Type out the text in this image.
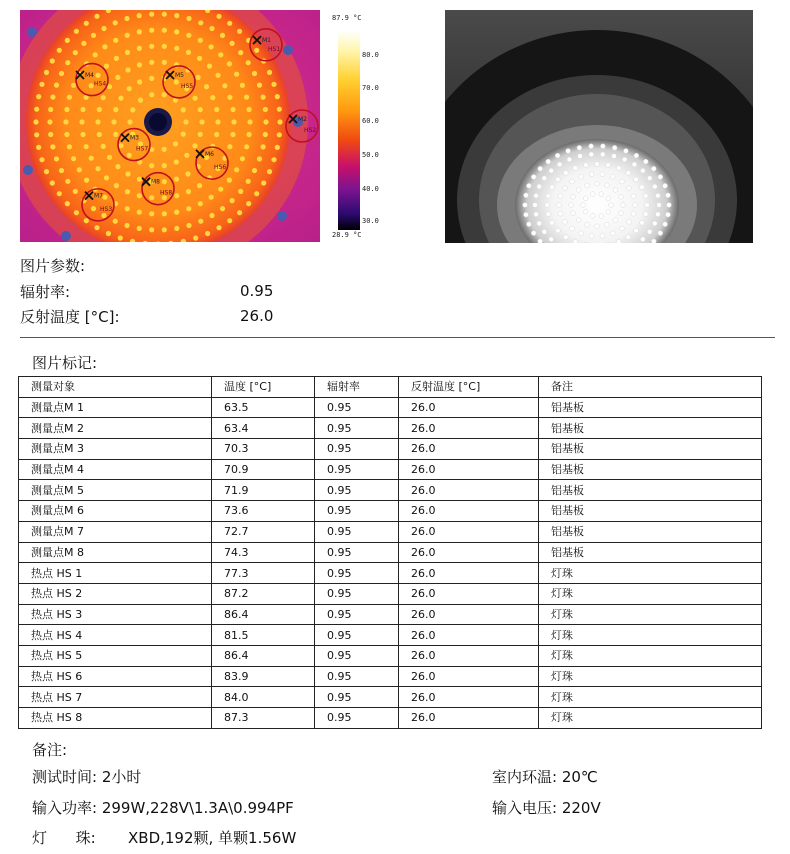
HS1
HS2
HS3
HS4	HS5
HS6
HS7
HS8
M1
M2
M3
M4	M5
M6
M7
M8
87.9 °C
80.0
70.0
60.0
50.0
40.0
30.0
28.9 °C
图片参数:
辐射率:	0.95
反射温度 [°C]:	26.0
图片标记:
测量对象	温度 [°C]	辐射率	反射温度 [°C]	备注
测量点M 1	63.5	0.95	26.0	铝基板
测量点M 2	63.4	0.95	26.0	铝基板
测量点M 3	70.3	0.95	26.0	铝基板
测量点M 4	70.9	0.95	26.0	铝基板
测量点M 5	71.9	0.95	26.0	铝基板
测量点M 6	73.6	0.95	26.0	铝基板
测量点M 7	72.7	0.95	26.0	铝基板
测量点M 8	74.3	0.95	26.0	铝基板
热点 HS 1	77.3	0.95	26.0	灯珠
热点 HS 2	87.2	0.95	26.0	灯珠
热点 HS 3	86.4	0.95	26.0	灯珠
热点 HS 4	81.5	0.95	26.0	灯珠
热点 HS 5	86.4	0.95	26.0	灯珠
热点 HS 6	83.9	0.95	26.0	灯珠
热点 HS 7	84.0	0.95	26.0	灯珠
热点 HS 8	87.3	0.95	26.0	灯珠
备注:
测试时间: 2小时	室内环温: 20℃
输入功率: 299W,228V\1.3A\0.994PF	输入电压: 220V
灯      珠: XBD,192颗, 单颗1.56W
